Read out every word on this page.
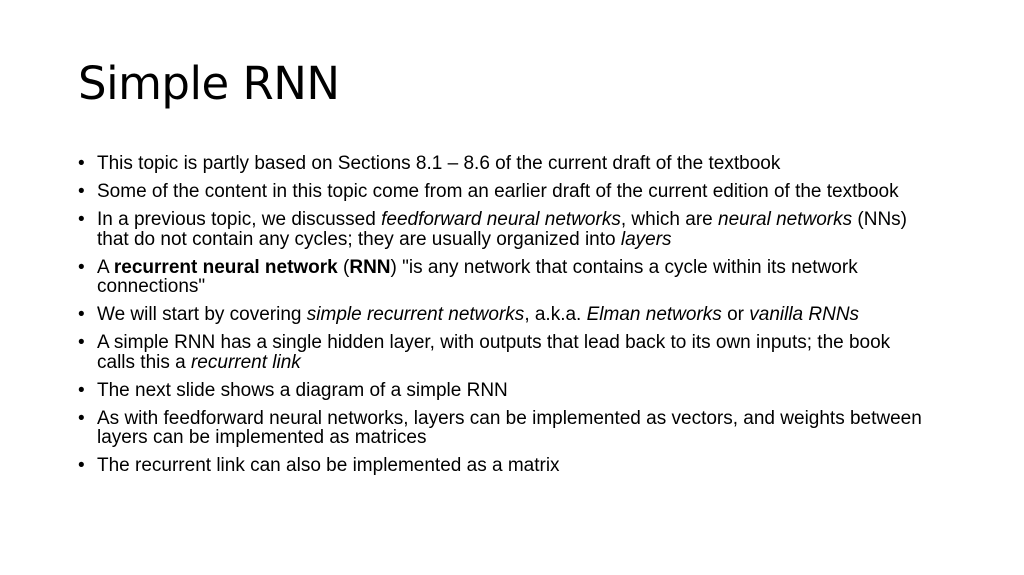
Simple RNN
• This topic is partly based on Sections 8.1 – 8.6 of the current draft of the textbook
• Some of the content in this topic come from an earlier draft of the current edition of the textbook
• In a previous topic, we discussed feedforward neural networks, which are neural networks (NNs) that do not contain any cycles; they are usually organized into layers
• A recurrent neural network (RNN) "is any network that contains a cycle within its network connections"
• We will start by covering simple recurrent networks, a.k.a. Elman networks or vanilla RNNs
• A simple RNN has a single hidden layer, with outputs that lead back to its own inputs; the book calls this a recurrent link
• The next slide shows a diagram of a simple RNN
• As with feedforward neural networks, layers can be implemented as vectors, and weights between layers can be implemented as matrices
• The recurrent link can also be implemented as a matrix
